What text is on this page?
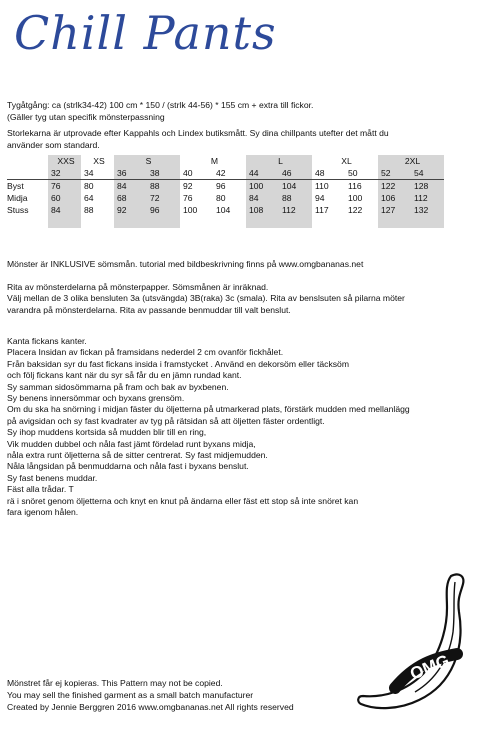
Chill Pants
Tygåtgång: ca (strlk34-42) 100 cm * 150 / (strlk 44-56) * 155 cm + extra till fickor.
(Gäller tyg utan specifik mönsterpassning
Storlekarna är utprovade efter Kappahls och Lindex butiksmått. Sy dina chillpants utefter det mått du
använder som standard.
	XXS	XS	S		M		L		XL		2XL	
	32	34	36	38	40	42	44	46	48	50	52	54
Byst	76	80	84	88	92	96	100	104	110	116	122	128
Midja	60	64	68	72	76	80	84	88	94	100	106	112
Stuss	84	88	92	96	100	104	108	112	117	122	127	132

Mönster är INKLUSIVE sömsmån. tutorial med bildbeskrivning finns på www.omgbananas.net
Rita av mönsterdelarna på mönsterpapper. Sömsmånen är inräknad.
Välj mellan de 3 olika bensluten 3a (utsvängda) 3B(raka) 3c (smala). Rita av benslsuten så pilarna möter
varandra på mönsterdelarna. Rita av passande benmuddar till valt benslut.
Kanta fickans kanter.
Placera Insidan av fickan på framsidans nederdel 2 cm ovanför fickhålet.
Från baksidan syr du fast fickans insida i framstycket . Använd en dekorsöm eller täcksöm
och följ fickans kant när du syr så får du en jämn rundad kant.
Sy samman sidosömmarna på fram och bak av byxbenen.
Sy benens innersömmar och byxans grensöm.
Om du ska ha snörning i midjan fäster du öljetterna på utmarkerad plats, förstärk mudden med mellanlägg
på avigsidan och sy fast kvadrater av tyg på rätsidan så att öljetten fäster ordentligt.
Sy ihop muddens kortsida så mudden blir till en ring,
Vik mudden dubbel och nåla fast jämt fördelad runt byxans midja,
nåla extra runt öljetterna så de sitter centrerat. Sy fast midjemudden.
Nåla långsidan på benmuddarna och nåla fast i byxans benslut.
Sy fast benens muddar.
Fäst alla trådar. T
rä i snöret genom öljetterna och knyt en knut på ändarna eller fäst ett stop så inte snöret kan
fara igenom hålen.
OMG
Mönstret får ej kopieras. This Pattern may not be copied.
You may sell the finished garment as a small batch manufacturer
Created by Jennie Berggren 2016 www.omgbananas.net All rights reserved
